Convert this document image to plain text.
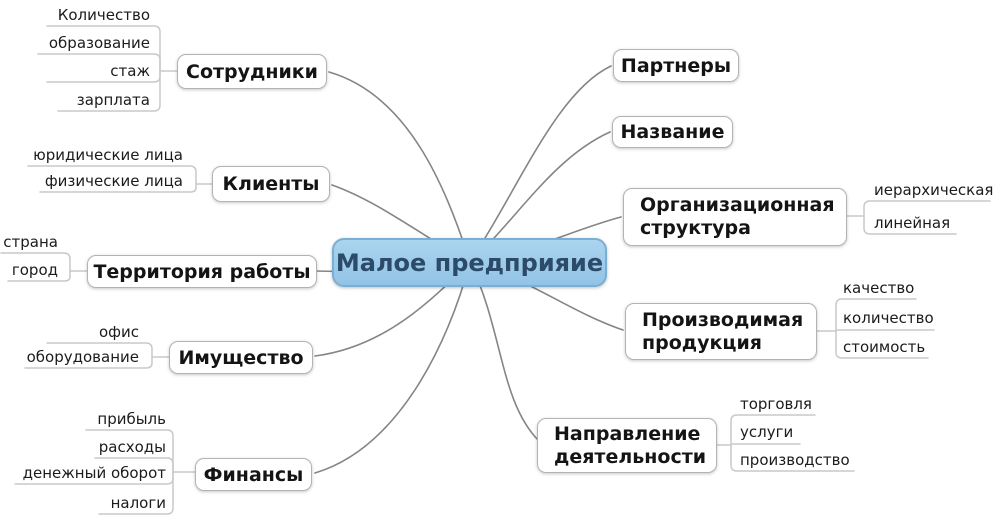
Малое предприяие
Сотрудники
Клиенты
Территория работы
Имущество
Финансы
Партнеры
Название
Организационная структура
Производимая продукция
Направление деятельности
Количество
образование
стаж
зарплата
юридические лица
физические лица
страна
город
офис
оборудование
прибыль
расходы
денежный оборот
налоги
иерархическая
линейная
качество
количество
стоимость
торговля
услуги
производство
